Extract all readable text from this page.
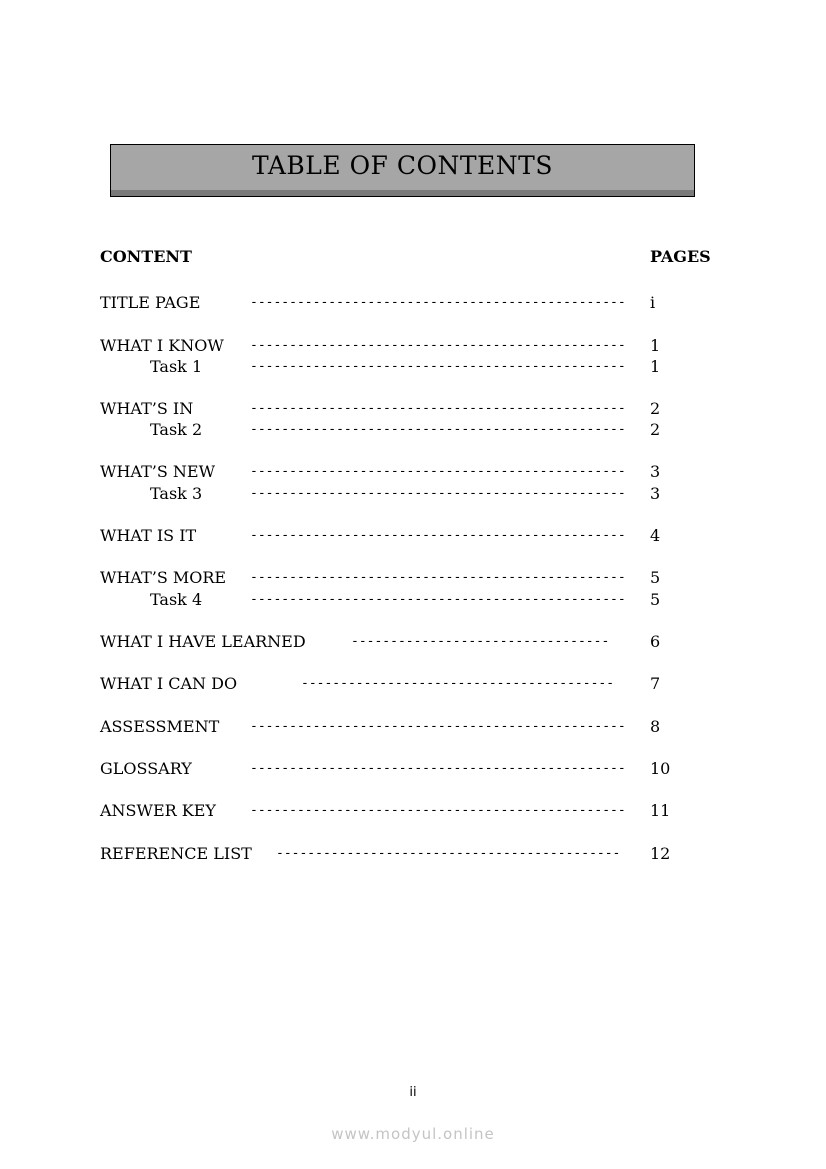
TABLE OF CONTENTS
CONTENT	PAGES
TITLE PAGE	------------------------------------------------ i
WHAT I KNOW ------------------------------------------------ 1
Task 1	------------------------------------------------ 1
WHAT’S IN	------------------------------------------------ 2
Task 2	------------------------------------------------ 2
WHAT’S NEW	------------------------------------------------ 3
Task 3	------------------------------------------------ 3
WHAT IS IT	------------------------------------------------ 4
WHAT’S MORE ------------------------------------------------ 5
Task 4	------------------------------------------------ 5
WHAT I HAVE LEARNED	---------------------------------	6
WHAT I CAN DO	---------------------------------------- 7
ASSESSMENT ------------------------------------------------ 8
GLOSSARY	------------------------------------------------ 10
ANSWER KEY	------------------------------------------------ 11
REFERENCE LIST -------------------------------------------- 12
ii
www.modyul.online
